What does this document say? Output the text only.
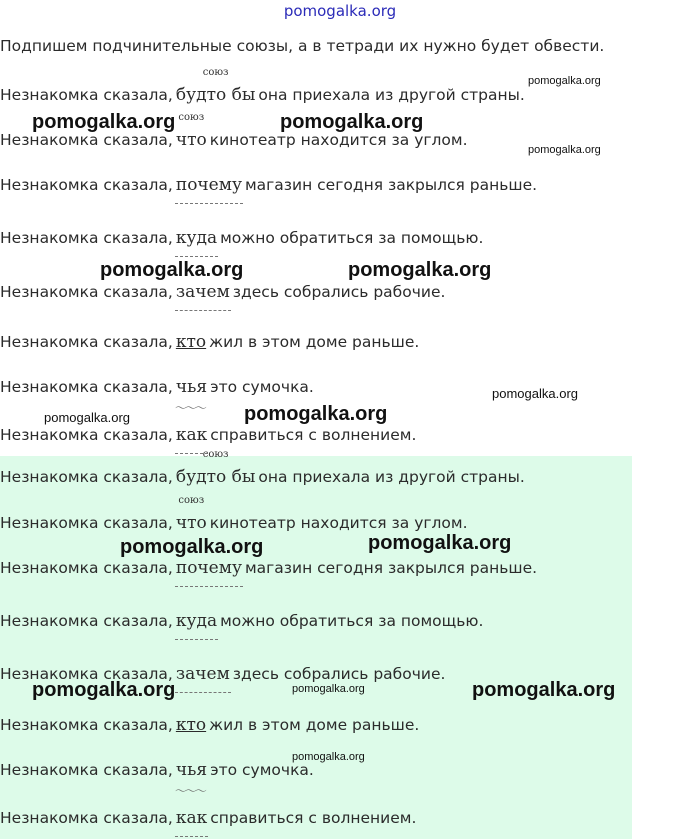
pomogalka.org
Подпишем подчинительные союзы, а в тетради их нужно будет обвести.
Незнакомка сказала, будто бы
союз
она приехала из другой страны.
Незнакомка сказала, что
союз
кинотеатр находится за углом.
Незнакомка сказала, почему магазин сегодня закрылся раньше.
Незнакомка сказала, куда можно обратиться за помощью.
Незнакомка сказала, зачем здесь собрались рабочие.
Незнакомка сказала, кто жил в этом доме раньше.
Незнакомка сказала, чья
〜〜〜
это сумочка.
Незнакомка сказала, как справиться с волнением.
Незнакомка сказала, будто бы
союз
она приехала из другой страны.
Незнакомка сказала, что
союз
кинотеатр находится за углом.
Незнакомка сказала, почему магазин сегодня закрылся раньше.
Незнакомка сказала, куда можно обратиться за помощью.
Незнакомка сказала, зачем здесь собрались рабочие.
Незнакомка сказала, кто жил в этом доме раньше.
Незнакомка сказала, чья
〜〜〜
это сумочка.
Незнакомка сказала, как справиться с волнением.
pomogalka.org
pomogalka.org	pomogalka.org
pomogalka.org
pomogalka.org	pomogalka.org
pomogalka.org
pomogalka.org	pomogalka.org
pomogalka.org	pomogalka.org
pomogalka.org	pomogalka.org	pomogalka.org
pomogalka.org
